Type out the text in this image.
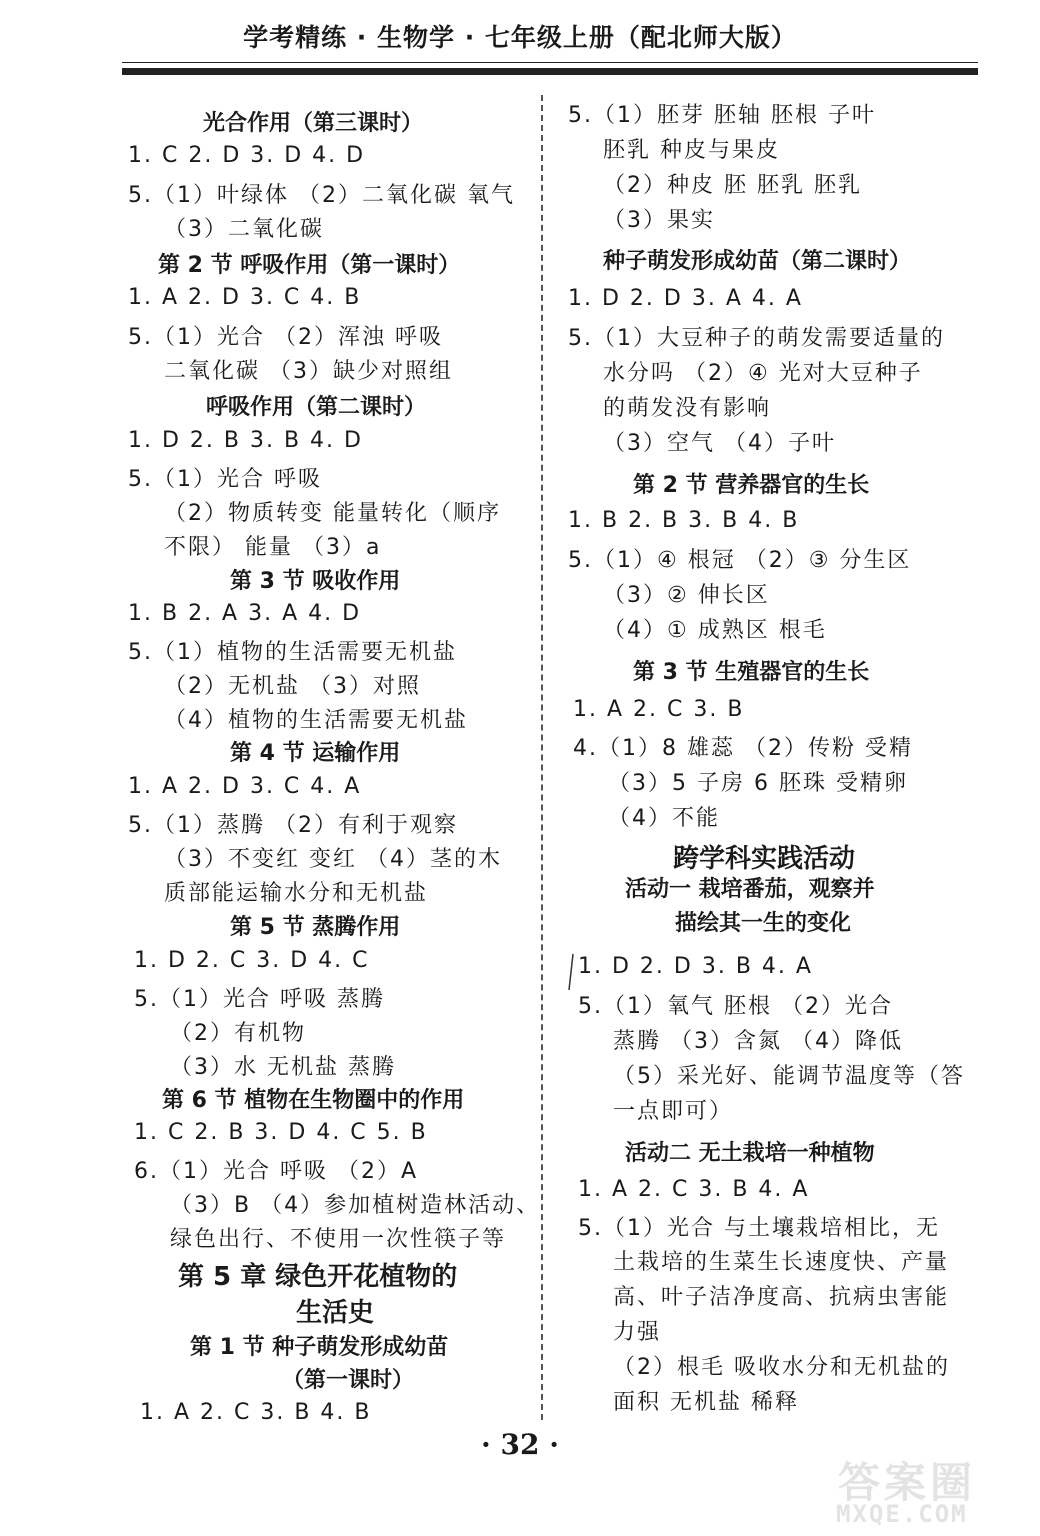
学考精练 · 生物学 · 七年级上册（配北师大版）
光合作用（第三课时）
1. C 2. D 3. D 4. D
5.（1）叶绿体 （2）二氧化碳 氧气
（3）二氧化碳
第 2 节 呼吸作用（第一课时）
1. A 2. D 3. C 4. B
5.（1）光合 （2）浑浊 呼吸
二氧化碳 （3）缺少对照组
呼吸作用（第二课时）
1. D 2. B 3. B 4. D
5.（1）光合 呼吸
（2）物质转变 能量转化（顺序
不限） 能量 （3）a
第 3 节 吸收作用
1. B 2. A 3. A 4. D
5.（1）植物的生活需要无机盐
（2）无机盐 （3）对照
（4）植物的生活需要无机盐
第 4 节 运输作用
1. A 2. D 3. C 4. A
5.（1）蒸腾 （2）有利于观察
（3）不变红 变红 （4）茎的木
质部能运输水分和无机盐
第 5 节 蒸腾作用
1. D 2. C 3. D 4. C
5.（1）光合 呼吸 蒸腾
（2）有机物
（3）水 无机盐 蒸腾
第 6 节 植物在生物圈中的作用
1. C 2. B 3. D 4. C 5. B
6.（1）光合 呼吸 （2）A
（3）B （4）参加植树造林活动、
绿色出行、不使用一次性筷子等
第 5 章 绿色开花植物的
生活史
第 1 节 种子萌发形成幼苗
（第一课时）
1. A 2. C 3. B 4. B
5.（1）胚芽 胚轴 胚根 子叶
胚乳 种皮与果皮
（2）种皮 胚 胚乳 胚乳
（3）果实
种子萌发形成幼苗（第二课时）
1. D 2. D 3. A 4. A
5.（1）大豆种子的萌发需要适量的
水分吗 （2）④ 光对大豆种子
的萌发没有影响
（3）空气 （4）子叶
第 2 节 营养器官的生长
1. B 2. B 3. B 4. B
5.（1）④ 根冠 （2）③ 分生区
（3）② 伸长区
（4）① 成熟区 根毛
第 3 节 生殖器官的生长
1. A 2. C 3. B
4.（1）8 雄蕊 （2）传粉 受精
（3）5 子房 6 胚珠 受精卵
（4）不能
跨学科实践活动
活动一 栽培番茄，观察并
描绘其一生的变化
1. D 2. D 3. B 4. A
5.（1）氧气 胚根 （2）光合
蒸腾 （3）含氮 （4）降低
（5）采光好、能调节温度等（答
一点即可）
活动二 无土栽培一种植物
1. A 2. C 3. B 4. A
5.（1）光合 与土壤栽培相比，无
土栽培的生菜生长速度快、产量
高、叶子洁净度高、抗病虫害能
力强
（2）根毛 吸收水分和无机盐的
面积 无机盐 稀释
· 32 ·
答案圈
MXQE.COM
